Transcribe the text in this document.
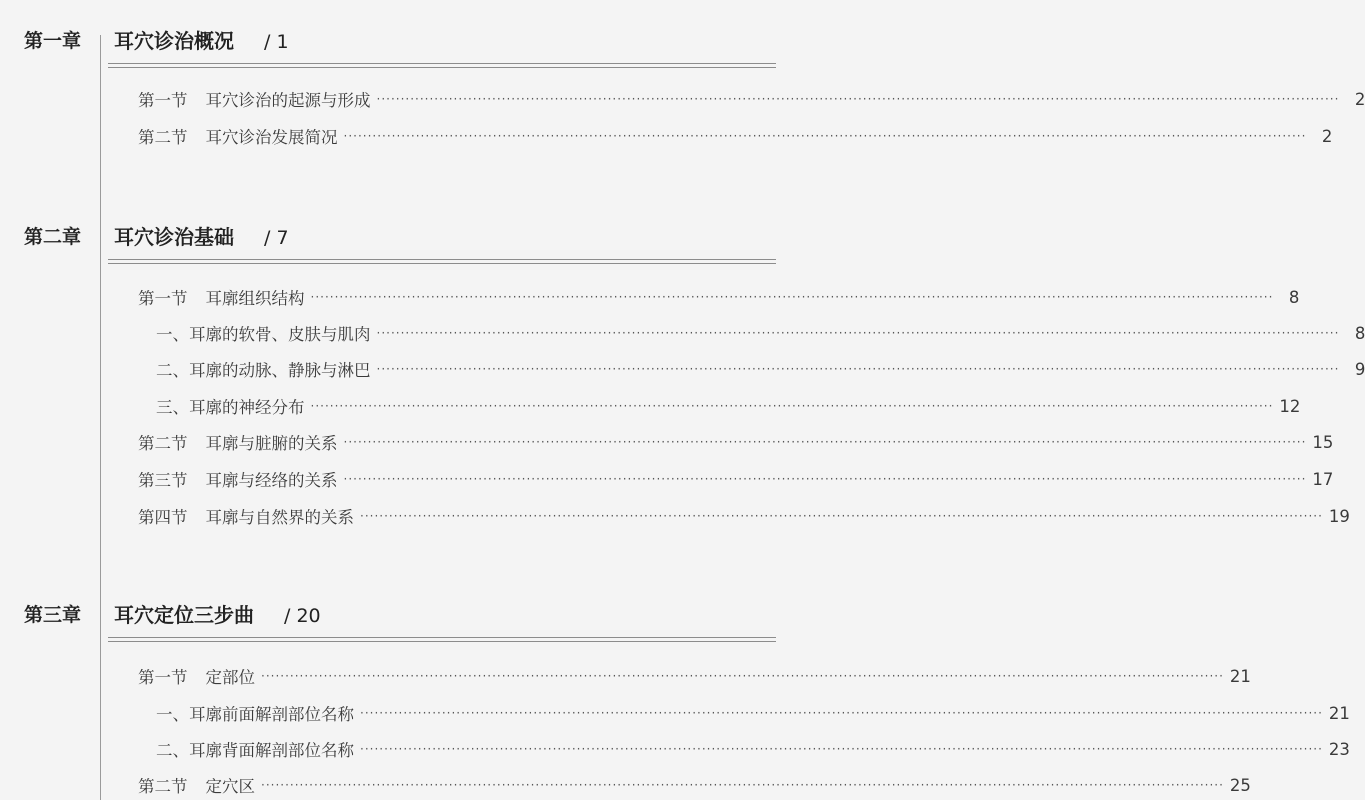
第一章 耳穴诊治概况 / 1
第一节 耳穴诊治的起源与形成 ········································································································································································································ 2
第二节 耳穴诊治发展简况 ········································································································································································································ 2
第二章 耳穴诊治基础 / 7
第一节 耳廓组织结构 ········································································································································································································ 8
一、耳廓的软骨、皮肤与肌肉 ········································································································································································································ 8
二、耳廓的动脉、静脉与淋巴 ········································································································································································································ 9
三、耳廓的神经分布 ········································································································································································································ 12
第二节 耳廓与脏腑的关系 ········································································································································································································ 15
第三节 耳廓与经络的关系 ········································································································································································································ 17
第四节 耳廓与自然界的关系 ········································································································································································································ 19
第三章 耳穴定位三步曲 / 20
第一节 定部位 ········································································································································································································ 21
一、耳廓前面解剖部位名称 ········································································································································································································ 21
二、耳廓背面解剖部位名称 ········································································································································································································ 23
第二节 定穴区 ········································································································································································································ 25
